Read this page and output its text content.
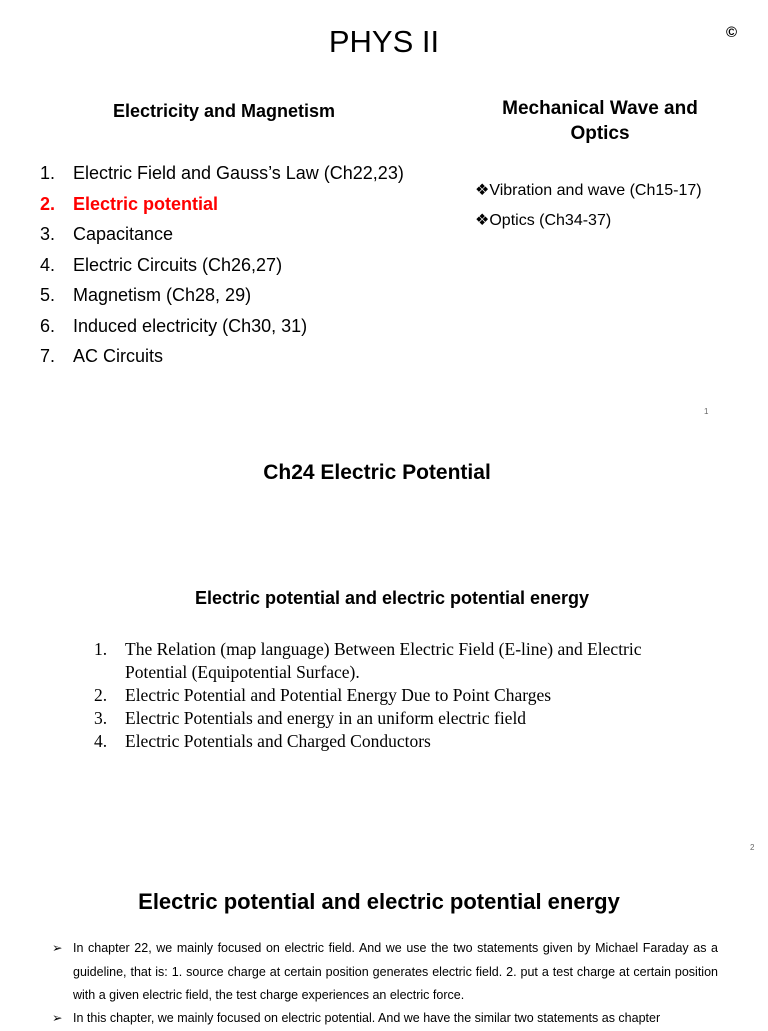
PHYS II	©
Electricity and Magnetism	Mechanical Wave and
Optics
1. Electric Field and Gauss’s Law (Ch22,23)
2. Electric potential
3. Capacitance
4. Electric Circuits (Ch26,27)
5. Magnetism (Ch28, 29)
6. Induced electricity (Ch30, 31)
7. AC Circuits
❖Vibration and wave (Ch15-17)
❖Optics (Ch34-37)
1
Ch24 Electric Potential
Electric potential and electric potential energy
1.	The Relation (map language) Between Electric Field (E-line) and Electric Potential (Equipotential Surface).
2.	Electric Potential and Potential Energy Due to Point Charges
3.	Electric Potentials and energy in an uniform electric field
4.	Electric Potentials and Charged Conductors
2
Electric potential and electric potential energy
➢ In chapter 22, we mainly focused on electric field. And we use the two statements given by Michael Faraday as a guideline, that is: 1. source charge at certain position generates electric field. 2. put a test charge at certain position with a given electric field, the test charge experiences an electric force.
➢ In this chapter, we mainly focused on electric potential. And we have the similar two statements as chapter
